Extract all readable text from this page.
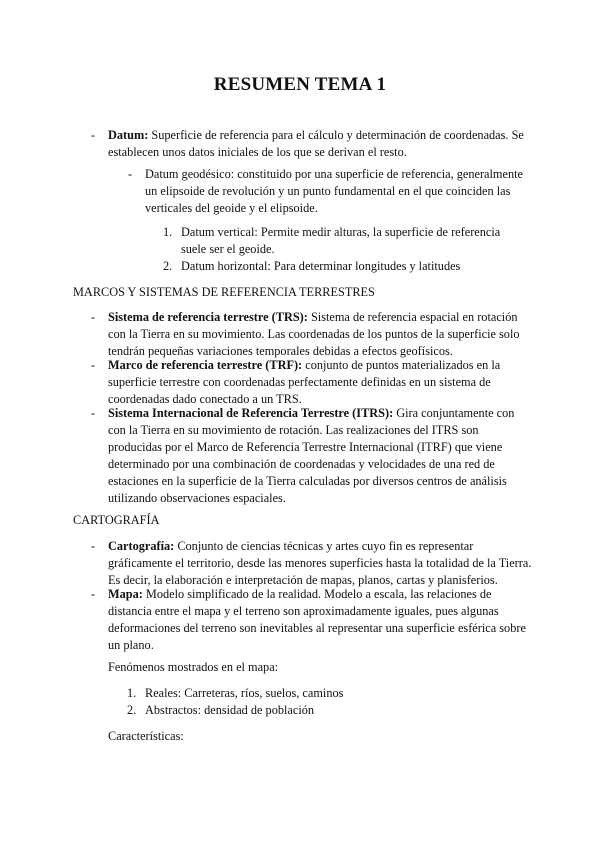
RESUMEN TEMA 1
- Datum: Superficie de referencia para el cálculo y determinación de coordenadas. Se establecen unos datos iniciales de los que se derivan el resto.
- Datum geodésico: constituido por una superficie de referencia, generalmente un elipsoide de revolución y un punto fundamental en el que coinciden las verticales del geoide y el elipsoide.
1. Datum vertical: Permite medir alturas, la superficie de referencia suele ser el geoide.
2. Datum horizontal: Para determinar longitudes y latitudes
MARCOS Y SISTEMAS DE REFERENCIA TERRESTRES
- Sistema de referencia terrestre (TRS): Sistema de referencia espacial en rotación con la Tierra en su movimiento. Las coordenadas de los puntos de la superficie solo tendrán pequeñas variaciones temporales debidas a efectos geofísicos.
- Marco de referencia terrestre (TRF): conjunto de puntos materializados en la superficie terrestre con coordenadas perfectamente definidas en un sistema de coordenadas dado conectado a un TRS.
- Sistema Internacional de Referencia Terrestre (ITRS): Gira conjuntamente con con la Tierra en su movimiento de rotación. Las realizaciones del ITRS son producidas por el Marco de Referencia Terrestre Internacional (ITRF) que viene determinado por una combinación de coordenadas y velocidades de una red de estaciones en la superficie de la Tierra calculadas por diversos centros de análisis utilizando observaciones espaciales.
CARTOGRAFÍA
- Cartografía: Conjunto de ciencias técnicas y artes cuyo fin es representar gráficamente el territorio, desde las menores superficies hasta la totalidad de la Tierra. Es decir, la elaboración e interpretación de mapas, planos, cartas y planisferios.
- Mapa: Modelo simplificado de la realidad. Modelo a escala, las relaciones de distancia entre el mapa y el terreno son aproximadamente iguales, pues algunas deformaciones del terreno son inevitables al representar una superficie esférica sobre un plano.
Fenómenos mostrados en el mapa:
1. Reales: Carreteras, ríos, suelos, caminos
2. Abstractos: densidad de población
Características:
